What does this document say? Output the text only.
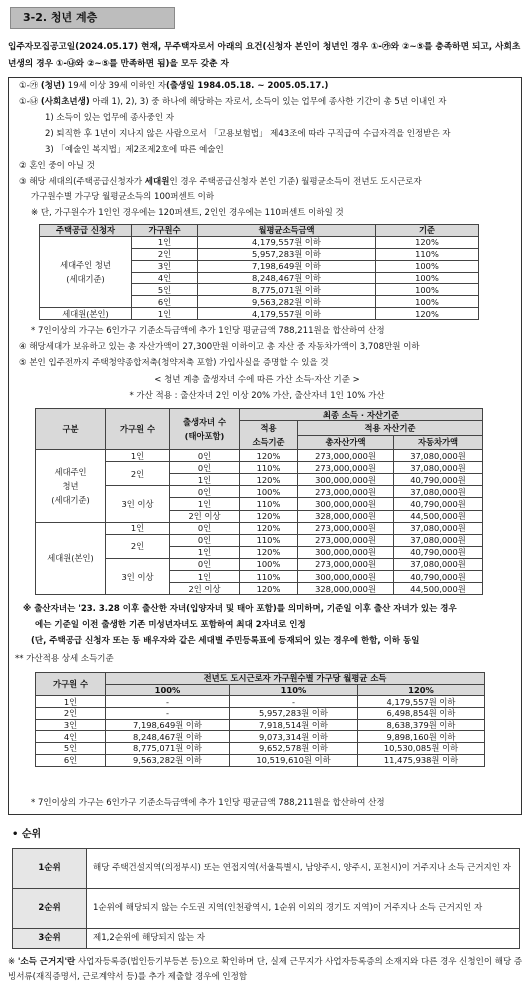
3-2. 청년 계층
입주자모집공고일(2024.05.17) 현재, 무주택자로서 아래의 요건(신청자 본인이 청년인 경우 ①-㉮와 ②~⑤를 충족하면 되고, 사회초년생의 경우 ①-㉯와 ②~⑤를 만족하면 됨)을 모두 갖춘 자
①-㉮ (청년) 19세 이상 39세 이하인 자(출생일 1984.05.18. ~ 2005.05.17.)
①-㉯ (사회초년생) 아래 1), 2), 3) 중 하나에 해당하는 자로서, 소득이 있는 업무에 종사한 기간이 총 5년 이내인 자
1) 소득이 있는 업무에 종사중인 자
2) 퇴직한 후 1년이 지나지 않은 사람으로서 「고용보험법」 제43조에 따라 구직급여 수급자격을 인정받은 자
3) 「예술인 복지법」제2조제2호에 따른 예술인
② 혼인 중이 아닐 것
③ 해당 세대의(주택공급신청자가 세대원인 경우 주택공급신청자 본인 기준) 월평균소득이 전년도 도시근로자
가구원수별 가구당 월평균소득의 100퍼센트 이하
※ 단, 가구원수가 1인인 경우에는 120퍼센트, 2인인 경우에는 110퍼센트 이하일 것
주택공급 신청자	가구원수	월평균소득금액	기준
세대주인 청년
(세대기준)	1인	4,179,557원 이하	120%
	2인	5,957,283원 이하	110%
	3인	7,198,649원 이하	100%
	4인	8,248,467원 이하	100%
	5인	8,775,071원 이하	100%
	6인	9,563,282원 이하	100%
세대원(본인)	1인	4,179,557원 이하	120%
* 7인이상의 가구는 6인가구 기준소득금액에 추가 1인당 평균금액 788,211원을 합산하여 산정
④ 해당세대가 보유하고 있는 총 자산가액이 27,300만원 이하이고 총 자산 중 자동차가액이 3,708만원 이하
⑤ 본인 입주전까지 주택청약종합저축(청약저축 포함) 가입사실을 증명할 수 있을 것
< 청년 계층 출생자녀 수에 따른 가산 소득·자산 기준 >
* 가산 적용 : 출산자녀 2인 이상 20% 가산, 출산자녀 1인 10% 가산
구분	가구원 수	출생자녀 수
(태아포함)	최종 소득 · 자산기준		
			적용
소득기준	적용 자산기준	
				총자산가액	자동차가액
세대주인
청년
(세대기준)	1인	0인	120%	273,000,000원	37,080,000원
	2인	0인	110%	273,000,000원	37,080,000원
		1인	120%	300,000,000원	40,790,000원
	3인 이상	0인	100%	273,000,000원	37,080,000원
		1인	110%	300,000,000원	40,790,000원
		2인 이상	120%	328,000,000원	44,500,000원
세대원(본인)	1인	0인	120%	273,000,000원	37,080,000원
	2인	0인	110%	273,000,000원	37,080,000원
		1인	120%	300,000,000원	40,790,000원
	3인 이상	0인	100%	273,000,000원	37,080,000원
		1인	110%	300,000,000원	40,790,000원
		2인 이상	120%	328,000,000원	44,500,000원
※ 출산자녀는 '23. 3.28 이후 출산한 자녀(입양자녀 및 태아 포함)를 의미하며, 기준일 이후 출산 자녀가 있는 경우
에는 기준일 이전 출생한 기존 미성년자녀도 포함하여 최대 2자녀로 인정
(단, 주택공급 신청자 또는 동 배우자와 같은 세대별 주민등록표에 등재되어 있는 경우에 한함, 이하 동일
** 가산적용 상세 소득기준
가구원 수	전년도 도시근로자 가구원수별 가구당 월평균 소득		
	100%	110%	120%
1인	-	-	4,179,557원 이하
2인	-	5,957,283원 이하	6,498,854원 이하
3인	7,198,649원 이하	7,918,514원 이하	8,638,379원 이하
4인	8,248,467원 이하	9,073,314원 이하	9,898,160원 이하
5인	8,775,071원 이하	9,652,578원 이하	10,530,085원 이하
6인	9,563,282원 이하	10,519,610원 이하	11,475,938원 이하
* 7인이상의 가구는 6인가구 기준소득금액에 추가 1인당 평균금액 788,211원을 합산하여 산정
• 순위
1순위	해당 주택건설지역(의정부시) 또는 연접지역(서울특별시, 남양주시, 양주시, 포천시)이 거주지나 소득 근거지인 자
2순위	1순위에 해당되지 않는 수도권 지역(인천광역시, 1순위 이외의 경기도 지역)이 거주지나 소득 근거지인 자
3순위	제1,2순위에 해당되지 않는 자
※ '소득 근거지'란 사업자등록증(법인등기부등본 등)으로 확인하며 단, 실제 근무지가 사업자등록증의 소재지와 다른 경우 신청인이 해당 증빙서류(재직증명서, 근로계약서 등)를 추가 제출할 경우에 인정함
